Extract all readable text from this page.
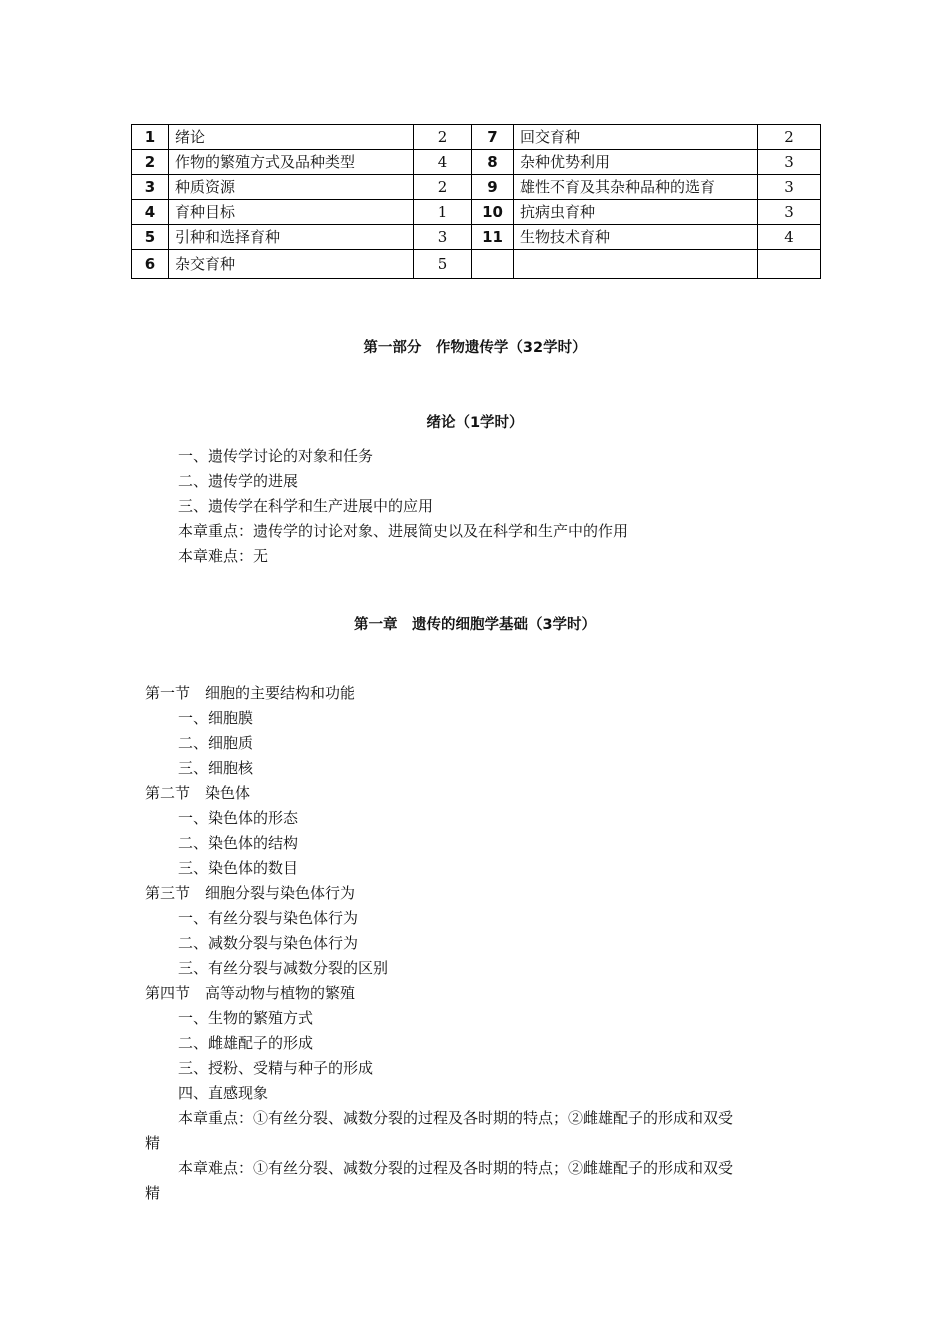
1	绪论	2	7	回交育种	2
2	作物的繁殖方式及品种类型	4	8	杂种优势利用	3
3	种质资源	2	9	雄性不育及其杂种品种的选育	3
4	育种目标	1	10	抗病虫育种	3
5	引种和选择育种	3	11	生物技术育种	4
6	杂交育种	5			
第一部分　作物遗传学（32学时）
绪论（1学时）
一、遗传学讨论的对象和任务
二、遗传学的进展
三、遗传学在科学和生产进展中的应用
本章重点：遗传学的讨论对象、进展简史以及在科学和生产中的作用
本章难点：无
第一章　遗传的细胞学基础（3学时）
第一节　细胞的主要结构和功能
一、细胞膜
二、细胞质
三、细胞核
第二节　染色体
一、染色体的形态
二、染色体的结构
三、染色体的数目
第三节　细胞分裂与染色体行为
一、有丝分裂与染色体行为
二、减数分裂与染色体行为
三、有丝分裂与减数分裂的区别
第四节　高等动物与植物的繁殖
一、生物的繁殖方式
二、雌雄配子的形成
三、授粉、受精与种子的形成
四、直感现象
本章重点：①有丝分裂、减数分裂的过程及各时期的特点；②雌雄配子的形成和双受
精
本章难点：①有丝分裂、减数分裂的过程及各时期的特点；②雌雄配子的形成和双受
精
